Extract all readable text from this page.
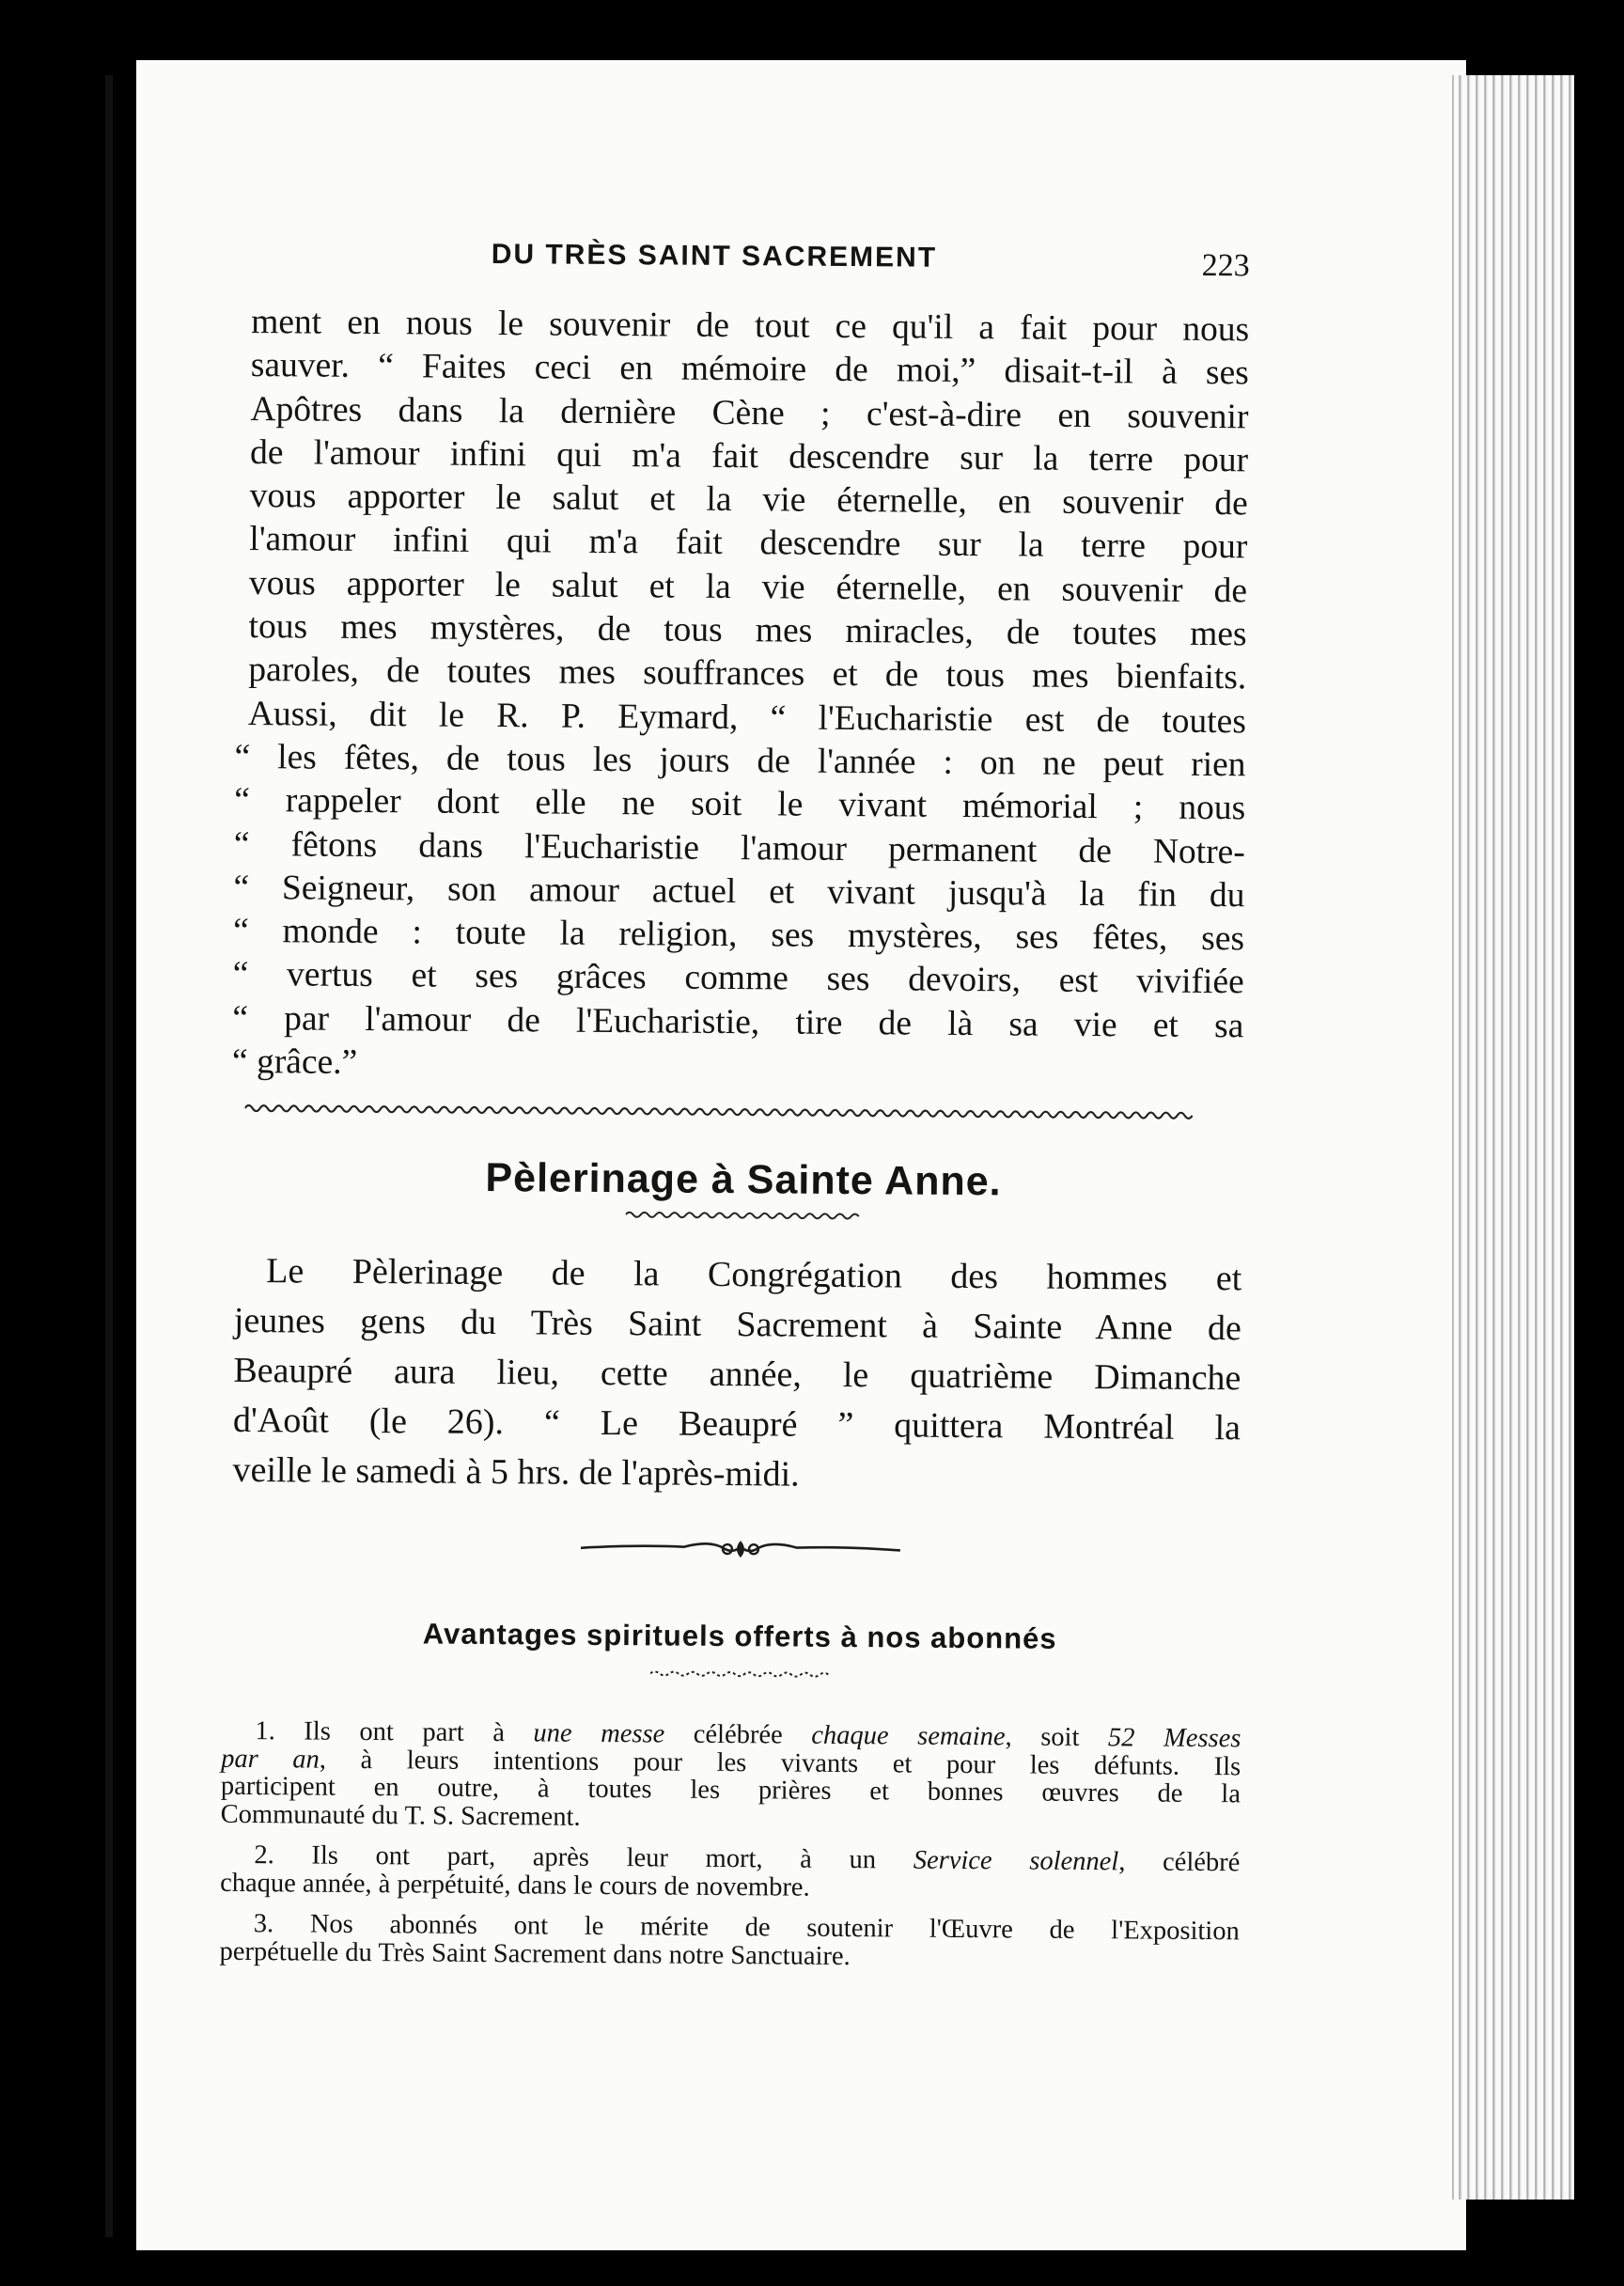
DU TRÈS SAINT SACREMENT	223
ment en nous le souvenir de tout ce qu'il a fait pour nous
sauver. “ Faites ceci en mémoire de moi,” disait-t-il à ses
Apôtres dans la dernière Cène ; c'est-à-dire en souvenir
de l'amour infini qui m'a fait descendre sur la terre pour
vous apporter le salut et la vie éternelle, en souvenir de
l'amour infini qui m'a fait descendre sur la terre pour
vous apporter le salut et la vie éternelle, en souvenir de
tous mes mystères, de tous mes miracles, de toutes mes
paroles, de toutes mes souffrances et de tous mes bienfaits.
Aussi, dit le R. P. Eymard, “ l'Eucharistie est de toutes
“ les fêtes, de tous les jours de l'année : on ne peut rien
“ rappeler dont elle ne soit le vivant mémorial ; nous
“ fêtons dans l'Eucharistie l'amour permanent de Notre-
“ Seigneur, son amour actuel et vivant jusqu'à la fin du
“ monde : toute la religion, ses mystères, ses fêtes, ses
“ vertus et ses grâces comme ses devoirs, est vivifiée
“ par l'amour de l'Eucharistie, tire de là sa vie et sa
“ grâce.”
Pèlerinage à Sainte Anne.
Le Pèlerinage de la Congrégation des hommes et
jeunes gens du Très Saint Sacrement à Sainte Anne de
Beaupré aura lieu, cette année, le quatrième Dimanche
d'Août (le 26). “ Le Beaupré ” quittera Montréal la
veille le samedi à 5 hrs. de l'après-midi.
Avantages spirituels offerts à nos abonnés
1. Ils ont part à une messe célébrée chaque semaine, soit 52 Messes
par an, à leurs intentions pour les vivants et pour les défunts. Ils
participent en outre, à toutes les prières et bonnes œuvres de la
Communauté du T. S. Sacrement.
2. Ils ont part, après leur mort, à un Service solennel, célébré
chaque année, à perpétuité, dans le cours de novembre.
3. Nos abonnés ont le mérite de soutenir l'Œuvre de l'Exposition
perpétuelle du Très Saint Sacrement dans notre Sanctuaire.
